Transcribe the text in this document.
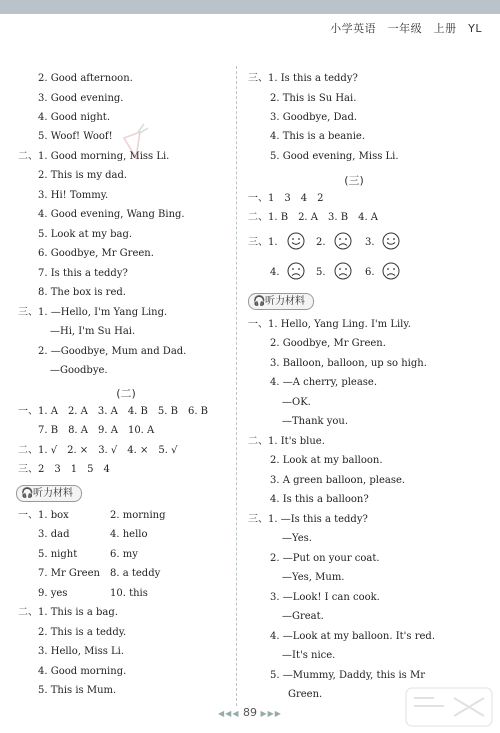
小学英语　一年级　上册　YL
2. Good afternoon.
3. Good evening.
4. Good night.
5. Woof! Woof!
二、1. Good morning, Miss Li.
2. This is my dad.
3. Hi! Tommy.
4. Good evening, Wang Bing.
5. Look at my bag.
6. Goodbye, Mr Green.
7. Is this a teddy?
8. The box is red.
三、1. —Hello, I'm Yang Ling.
—Hi, I'm Su Hai.
2. —Goodbye, Mum and Dad.
—Goodbye.
(二)
一、1. A　2. A　3. A　4. B　5. B　6. B
7. B　8. A　9. A　10. A
二、1. √　2. ×　3. √　4. ×　5. √
三、2　3　1　5　4
🎧听力材料
一、1. box	2. morning
3. dad	4. hello
5. night	6. my
7. Mr Green 8. a teddy
9. yes	10. this
二、1. This is a bag.
2. This is a teddy.
3. Hello, Miss Li.
4. Good morning.
5. This is Mum.
三、1. Is this a teddy?
2. This is Su Hai.
3. Goodbye, Dad.
4. This is a beanie.
5. Good evening, Miss Li.
(三)
一、1　3　4　2
二、1. B　2. A　3. B　4. A
三、1.	2.	3.
4.	5.	6.
🎧听力材料
一、1. Hello, Yang Ling. I'm Lily.
2. Goodbye, Mr Green.
3. Balloon, balloon, up so high.
4. —A cherry, please.
—OK.
—Thank you.
二、1. It's blue.
2. Look at my balloon.
3. A green balloon, please.
4. Is this a balloon?
三、1. —Is this a teddy?
—Yes.
2. —Put on your coat.
—Yes, Mum.
3. —Look! I can cook.
—Great.
4. —Look at my balloon. It's red.
—It's nice.
5. —Mummy, Daddy, this is Mr
Green.
◀◀◀ 89 ▶▶▶
